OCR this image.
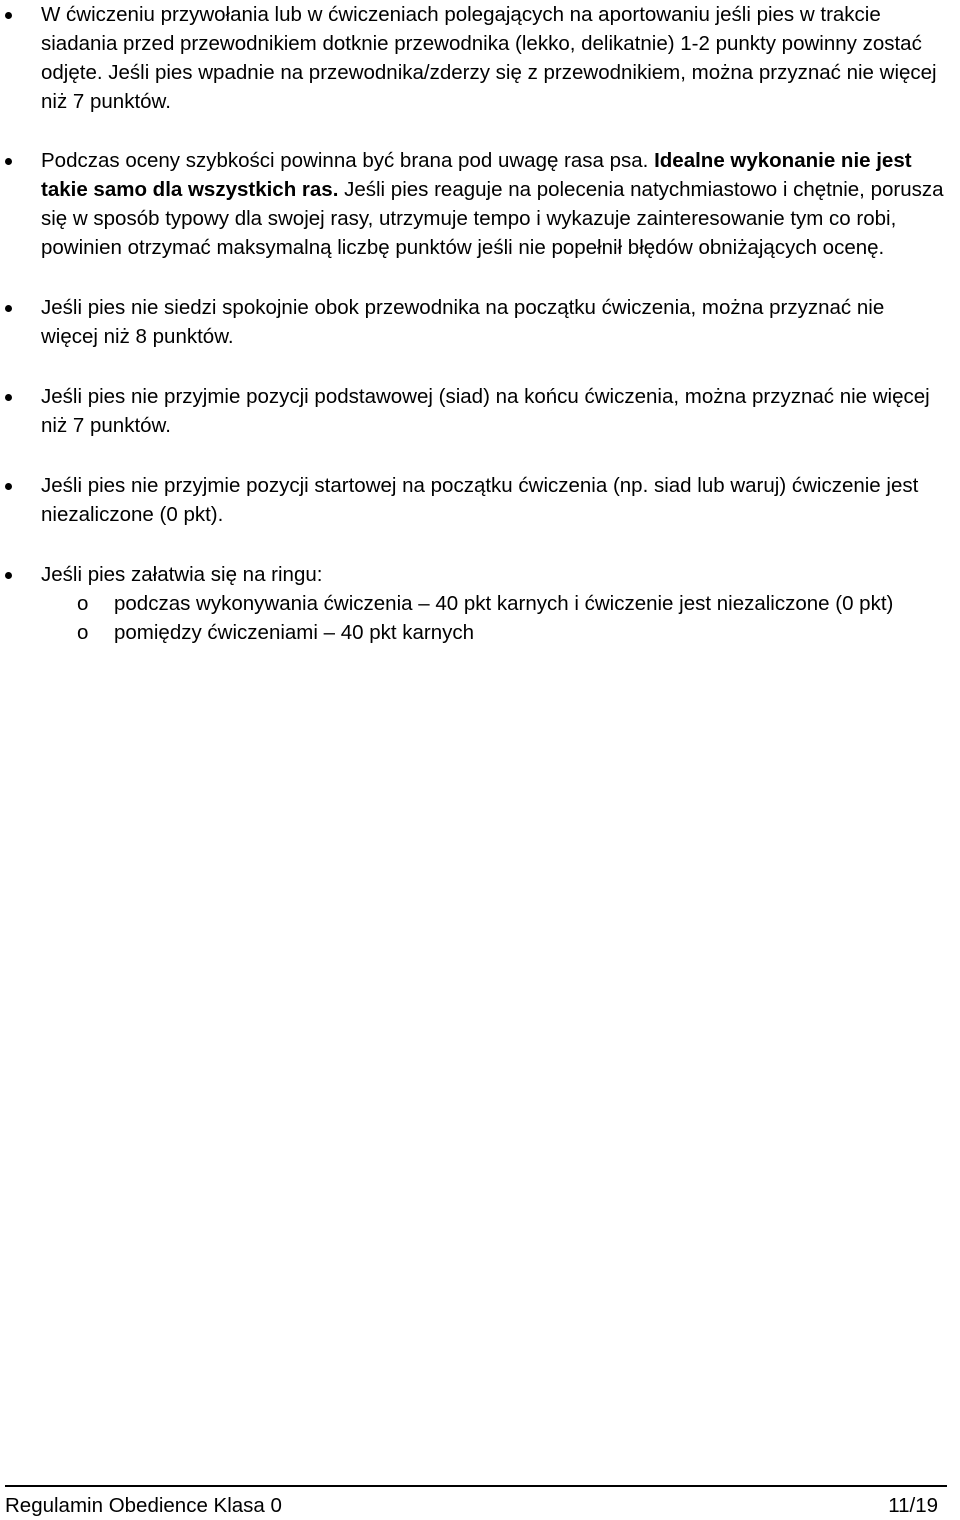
W ćwiczeniu przywołania lub w ćwiczeniach polegających na aportowaniu jeśli pies w trakcie siadania przed przewodnikiem dotknie przewodnika (lekko, delikatnie) 1-2 punkty powinny zostać odjęte. Jeśli pies wpadnie na przewodnika/zderzy się z przewodnikiem, można przyznać nie więcej niż 7 punktów.
Podczas oceny szybkości powinna być brana pod uwagę rasa psa. Idealne wykonanie nie jest takie samo dla wszystkich ras. Jeśli pies reaguje na polecenia natychmiastowo i chętnie, porusza się w sposób typowy dla swojej rasy, utrzymuje tempo i wykazuje zainteresowanie tym co robi, powinien otrzymać maksymalną liczbę punktów jeśli nie popełnił błędów obniżających ocenę.
Jeśli pies nie siedzi spokojnie obok przewodnika na początku ćwiczenia, można przyznać nie więcej niż 8 punktów.
Jeśli pies nie przyjmie pozycji podstawowej (siad) na końcu ćwiczenia, można przyznać nie więcej niż 7 punktów.
Jeśli pies nie przyjmie pozycji startowej na początku ćwiczenia (np. siad lub waruj) ćwiczenie jest niezaliczone (0 pkt).
Jeśli pies załatwia się na ringu:
o podczas wykonywania ćwiczenia – 40 pkt karnych i ćwiczenie jest niezaliczone (0 pkt)
o pomiędzy ćwiczeniami – 40 pkt karnych
Regulamin Obedience Klasa 0	11/19
